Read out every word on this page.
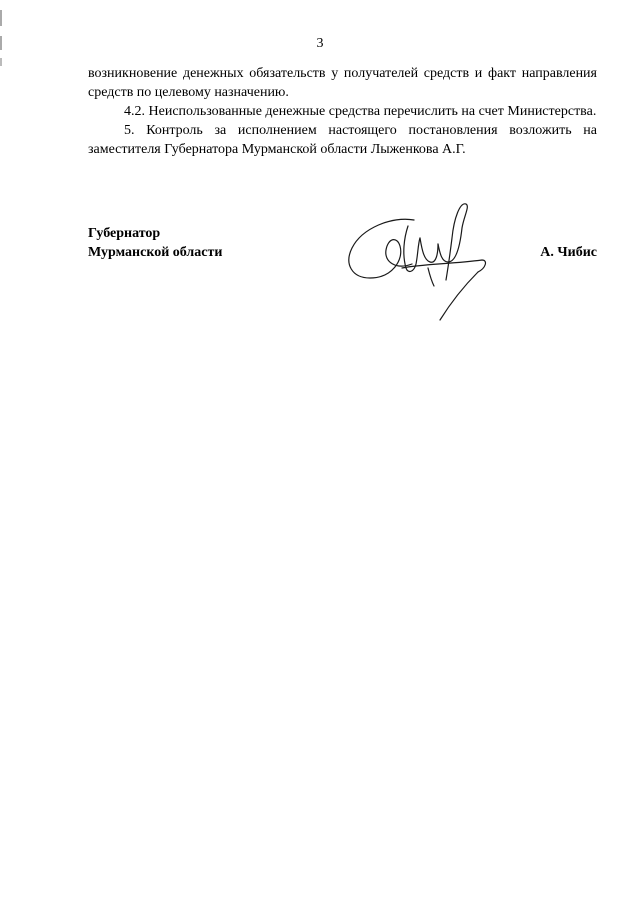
3

возникновение денежных обязательств у получателей средств и факт направления средств по целевому назначению.

4.2. Неиспользованные денежные средства перечислить на счет Министерства.

5. Контроль за исполнением настоящего постановления возложить на заместителя Губернатора Мурманской области Лыженкова А.Г.

Губернатор
Мурманской области	А. Чибис
